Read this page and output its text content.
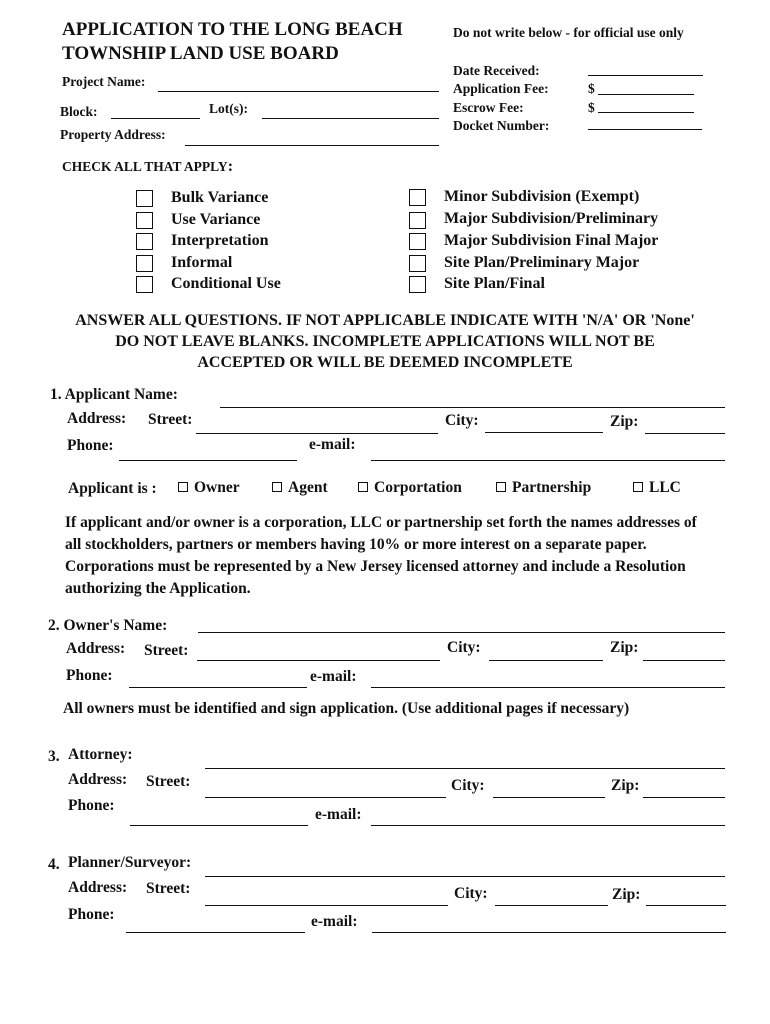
APPLICATION TO THE LONG BEACH
TOWNSHIP LAND USE BOARD
Do not write below - for official use only
Date Received:
Application Fee:	$
Escrow Fee:	$
Docket Number:
Project Name:
Block:	Lot(s):
Property Address:
CHECK ALL THAT APPLY:
Bulk Variance
Use Variance
Interpretation
Informal
Conditional Use
Minor Subdivision (Exempt)
Major Subdivision/Preliminary
Major Subdivision Final Major
Site Plan/Preliminary Major
Site Plan/Final
ANSWER ALL QUESTIONS. IF NOT APPLICABLE INDICATE WITH 'N/A' OR 'None'
DO NOT LEAVE BLANKS. INCOMPLETE APPLICATIONS WILL NOT BE
ACCEPTED OR WILL BE DEEMED INCOMPLETE
1. Applicant Name:
Address: Street:	City:	Zip:
Phone:	e-mail:
Applicant is :	Owner	Agent	Corportation	Partnership	LLC
If applicant and/or owner is a corporation, LLC or partnership set forth the names addresses of all stockholders, partners or members having 10% or more interest on a separate paper. Corporations must be represented by a New Jersey licensed attorney and include a Resolution authorizing the Application.
2. Owner's Name:
Address: Street:	City:	Zip:
Phone:	e-mail:
All owners must be identified and sign application. (Use additional pages if necessary)
3. Attorney:
Address: Street:	City:	Zip:
Phone:
e-mail:
4. Planner/Surveyor:
Address: Street:	City:	Zip:
Phone:	e-mail:
